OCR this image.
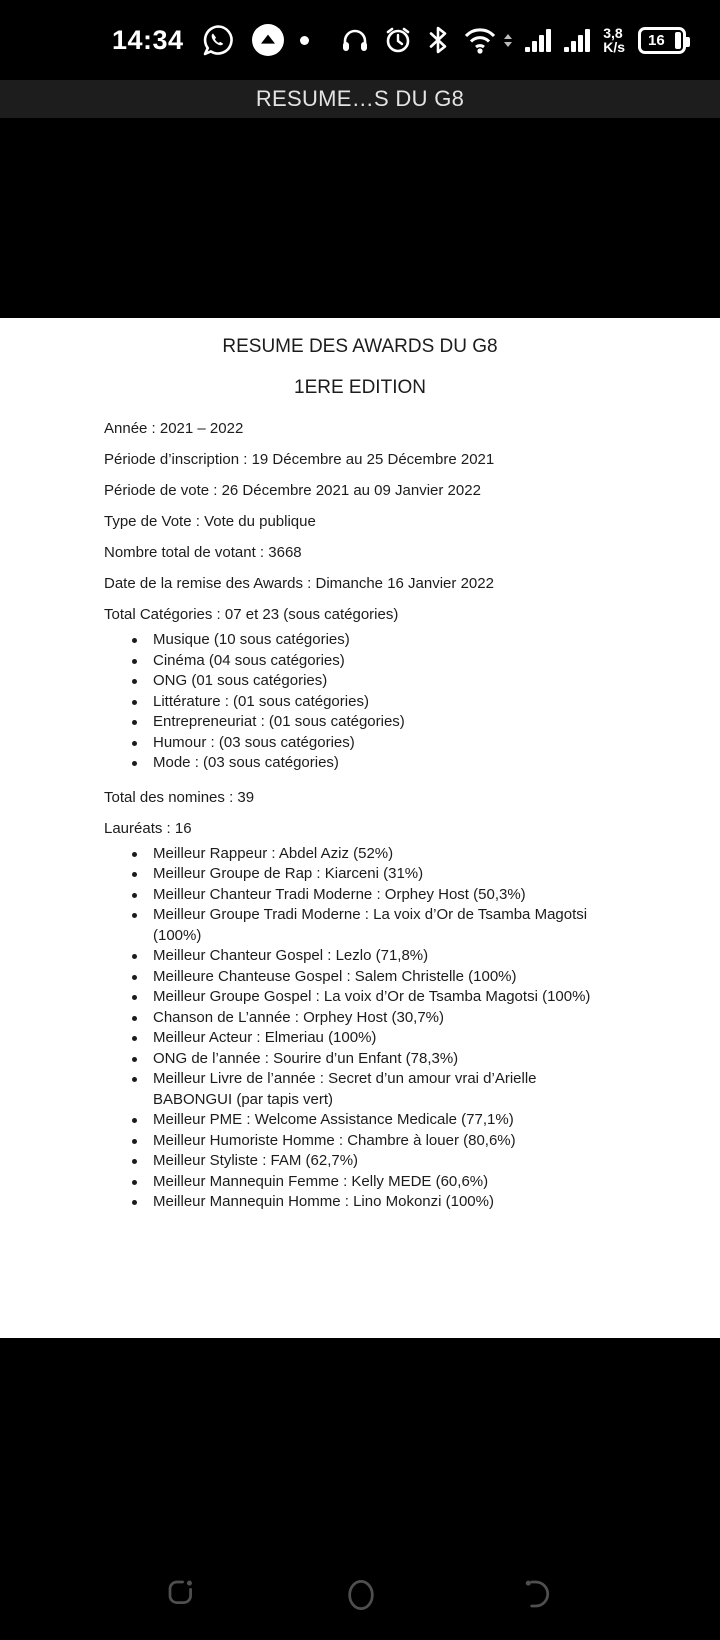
14:34	3,8
K/s 16
RESUME…S DU G8

RESUME DES AWARDS DU G8

1ERE EDITION

Année : 2021 – 2022

Période d’inscription : 19 Décembre au 25 Décembre 2021

Période de vote : 26 Décembre 2021 au 09 Janvier 2022

Type de Vote : Vote du publique

Nombre total de votant : 3668

Date de la remise des Awards : Dimanche 16 Janvier 2022

Total Catégories : 07 et 23 (sous catégories)

Musique (10 sous catégories)
Cinéma (04 sous catégories)
ONG (01 sous catégories)
Littérature : (01 sous catégories)
Entrepreneuriat : (01 sous catégories)
Humour : (03 sous catégories)
Mode : (03 sous catégories)

Total des nomines : 39

Lauréats : 16

Meilleur Rappeur : Abdel Aziz (52%)
Meilleur Groupe de Rap : Kiarceni (31%)
Meilleur Chanteur Tradi Moderne : Orphey Host (50,3%)
Meilleur Groupe Tradi Moderne : La voix d’Or de Tsamba Magotsi (100%)
Meilleur Chanteur Gospel : Lezlo (71,8%)
Meilleure Chanteuse Gospel : Salem Christelle (100%)
Meilleur Groupe Gospel : La voix d’Or de Tsamba Magotsi (100%)
Chanson de L’année : Orphey Host (30,7%)
Meilleur Acteur : Elmeriau (100%)
ONG de l’année : Sourire d’un Enfant (78,3%)
Meilleur Livre de l’année : Secret d’un amour vrai d’Arielle BABONGUI (par tapis vert)
Meilleur PME : Welcome Assistance Medicale (77,1%)
Meilleur Humoriste Homme : Chambre à louer (80,6%)
Meilleur Styliste : FAM (62,7%)
Meilleur Mannequin Femme : Kelly MEDE (60,6%)
Meilleur Mannequin Homme : Lino Mokonzi (100%)
